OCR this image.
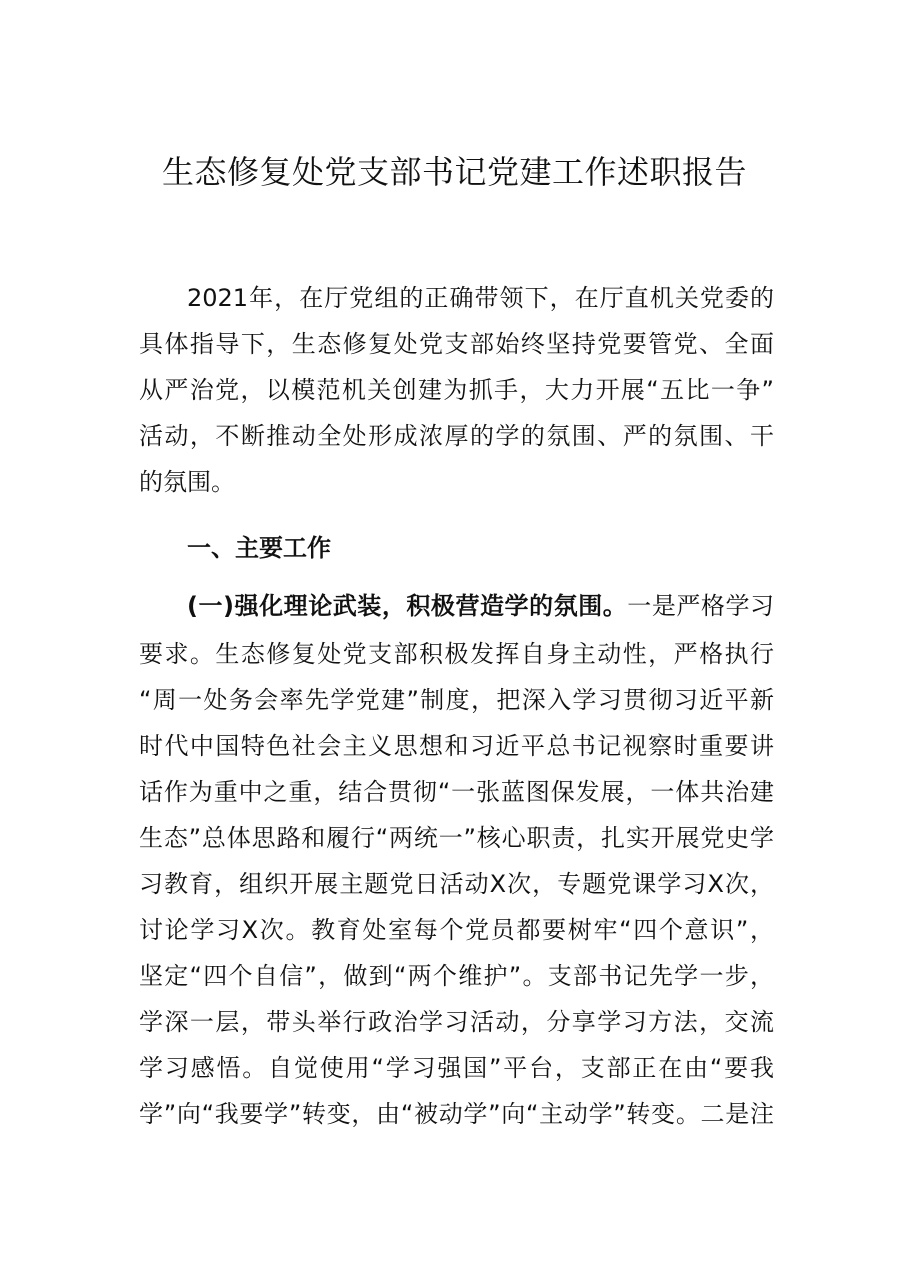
生态修复处党支部书记党建工作述职报告
2021年，在厅党组的正确带领下，在厅直机关党委的
具体指导下，生态修复处党支部始终坚持党要管党、全面
从严治党，以模范机关创建为抓手，大力开展“五比一争”
活动，不断推动全处形成浓厚的学的氛围、严的氛围、干
的氛围。
一、主要工作
(一)强化理论武装，积极营造学的氛围。一是严格学习
要求。生态修复处党支部积极发挥自身主动性，严格执行
“周一处务会率先学党建”制度，把深入学习贯彻习近平新
时代中国特色社会主义思想和习近平总书记视察时重要讲
话作为重中之重，结合贯彻“一张蓝图保发展，一体共治建
生态”总体思路和履行“两统一”核心职责，扎实开展党史学
习教育，组织开展主题党日活动X次，专题党课学习X次，
讨论学习X次。教育处室每个党员都要树牢“四个意识”，
坚定“四个自信”，做到“两个维护”。支部书记先学一步，
学深一层，带头举行政治学习活动，分享学习方法，交流
学习感悟。自觉使用“学习强国”平台，支部正在由“要我
学”向“我要学”转变，由“被动学”向“主动学”转变。二是注
